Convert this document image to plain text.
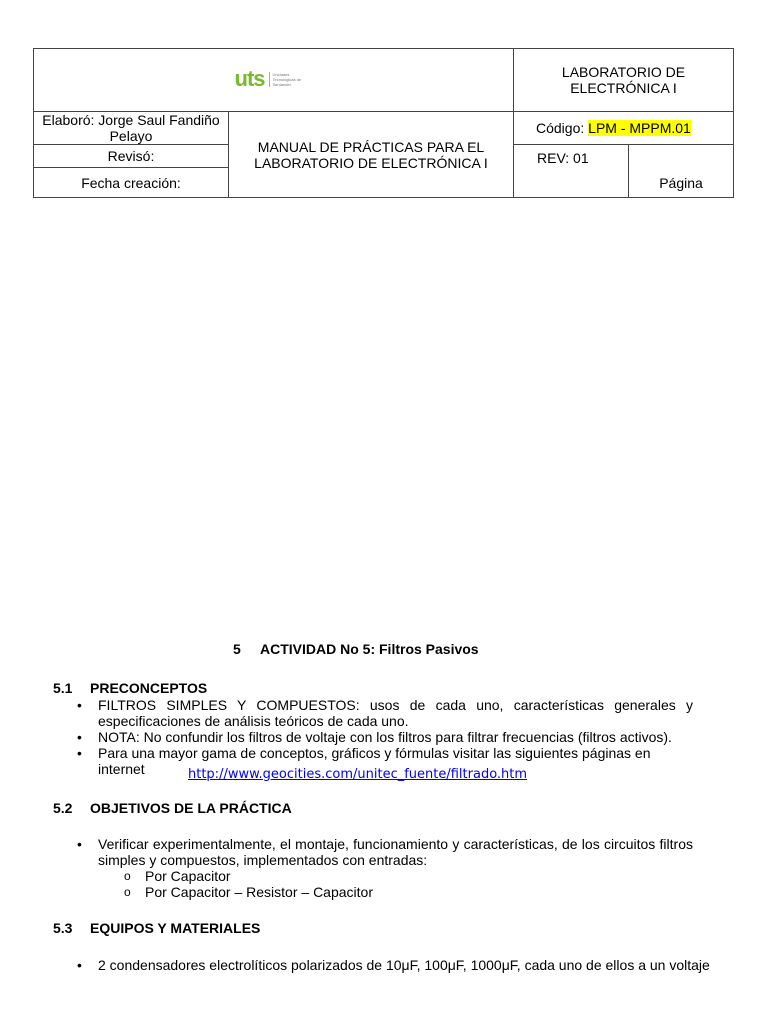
uts Unidades Tecnológicas de Santander		LABORATORIO DE ELECTRÓNICA I	
Elaboró: Jorge Saul Fandiño Pelayo	MANUAL DE PRÁCTICAS PARA EL LABORATORIO DE ELECTRÓNICA I	Código: LPM - MPPM.01	
Revisó:		REV: 01	Página
Fecha creación:			
5 ACTIVIDAD No 5: Filtros Pasivos
5.1 PRECONCEPTOS
• FILTROS SIMPLES Y COMPUESTOS: usos de cada uno, características generales y especificaciones de análisis teóricos de cada uno.
• NOTA: No confundir los filtros de voltaje con los filtros para filtrar frecuencias (filtros activos).
• Para una mayor gama de conceptos, gráficos y fórmulas visitar las siguientes páginas en internet	http://www.geocities.com/unitec_fuente/filtrado.htm
5.2 OBJETIVOS DE LA PRÁCTICA
• Verificar experimentalmente, el montaje, funcionamiento y características, de los circuitos filtros simples y compuestos, implementados con entradas:
o Por Capacitor
o Por Capacitor – Resistor – Capacitor
5.3 EQUIPOS Y MATERIALES
• 2 condensadores electrolíticos polarizados de 10μF, 100μF, 1000μF, cada uno de ellos a un voltaje
